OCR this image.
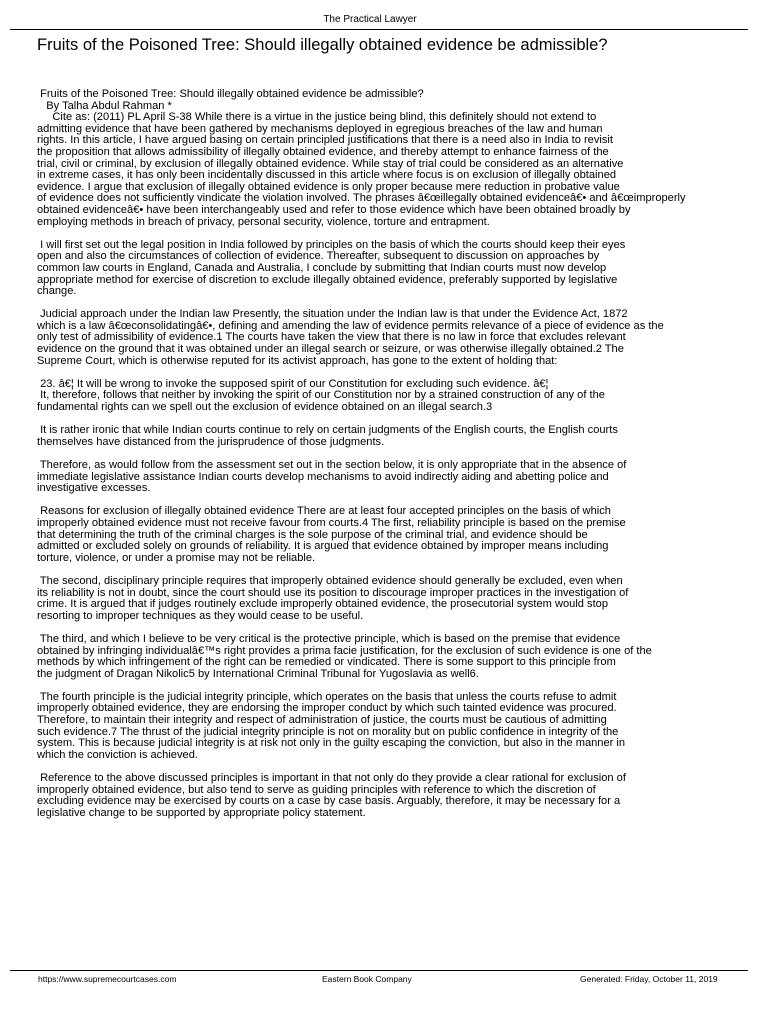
The Practical Lawyer
Fruits of the Poisoned Tree: Should illegally obtained evidence be admissible?
Fruits of the Poisoned Tree: Should illegally obtained evidence be admissible?
By Talha Abdul Rahman *
Cite as: (2011) PL April S-38 While there is a virtue in the justice being blind, this definitely should not extend to
admitting evidence that have been gathered by mechanisms deployed in egregious breaches of the law and human
rights. In this article, I have argued basing on certain principled justifications that there is a need also in India to revisit
the proposition that allows admissibility of illegally obtained evidence, and thereby attempt to enhance fairness of the
trial, civil or criminal, by exclusion of illegally obtained evidence. While stay of trial could be considered as an alternative
in extreme cases, it has only been incidentally discussed in this article where focus is on exclusion of illegally obtained
evidence. I argue that exclusion of illegally obtained evidence is only proper because mere reduction in probative value
of evidence does not sufficiently vindicate the violation involved. The phrases â€œillegally obtained evidenceâ€• and â€œimproperly
obtained evidenceâ€• have been interchangeably used and refer to those evidence which have been obtained broadly by
employing methods in breach of privacy, personal security, violence, torture and entrapment.
I will first set out the legal position in India followed by principles on the basis of which the courts should keep their eyes
open and also the circumstances of collection of evidence. Thereafter, subsequent to discussion on approaches by
common law courts in England, Canada and Australia, I conclude by submitting that Indian courts must now develop
appropriate method for exercise of discretion to exclude illegally obtained evidence, preferably supported by legislative
change.
Judicial approach under the Indian law Presently, the situation under the Indian law is that under the Evidence Act, 1872
which is a law â€œconsolidatingâ€•, defining and amending the law of evidence permits relevance of a piece of evidence as the
only test of admissibility of evidence.1 The courts have taken the view that there is no law in force that excludes relevant
evidence on the ground that it was obtained under an illegal search or seizure, or was otherwise illegally obtained.2 The
Supreme Court, which is otherwise reputed for its activist approach, has gone to the extent of holding that:
23. â€¦ It will be wrong to invoke the supposed spirit of our Constitution for excluding such evidence. â€¦
It, therefore, follows that neither by invoking the spirit of our Constitution nor by a strained construction of any of the
fundamental rights can we spell out the exclusion of evidence obtained on an illegal search.3
It is rather ironic that while Indian courts continue to rely on certain judgments of the English courts, the English courts
themselves have distanced from the jurisprudence of those judgments.
Therefore, as would follow from the assessment set out in the section below, it is only appropriate that in the absence of
immediate legislative assistance Indian courts develop mechanisms to avoid indirectly aiding and abetting police and
investigative excesses.
Reasons for exclusion of illegally obtained evidence There are at least four accepted principles on the basis of which
improperly obtained evidence must not receive favour from courts.4 The first, reliability principle is based on the premise
that determining the truth of the criminal charges is the sole purpose of the criminal trial, and evidence should be
admitted or excluded solely on grounds of reliability. It is argued that evidence obtained by improper means including
torture, violence, or under a promise may not be reliable.
The second, disciplinary principle requires that improperly obtained evidence should generally be excluded, even when
its reliability is not in doubt, since the court should use its position to discourage improper practices in the investigation of
crime. It is argued that if judges routinely exclude improperly obtained evidence, the prosecutorial system would stop
resorting to improper techniques as they would cease to be useful.
The third, and which I believe to be very critical is the protective principle, which is based on the premise that evidence
obtained by infringing individualâ€™s right provides a prima facie justification, for the exclusion of such evidence is one of the
methods by which infringement of the right can be remedied or vindicated. There is some support to this principle from
the judgment of Dragan Nikolic5 by International Criminal Tribunal for Yugoslavia as well6.
The fourth principle is the judicial integrity principle, which operates on the basis that unless the courts refuse to admit
improperly obtained evidence, they are endorsing the improper conduct by which such tainted evidence was procured.
Therefore, to maintain their integrity and respect of administration of justice, the courts must be cautious of admitting
such evidence.7 The thrust of the judicial integrity principle is not on morality but on public confidence in integrity of the
system. This is because judicial integrity is at risk not only in the guilty escaping the conviction, but also in the manner in
which the conviction is achieved.
Reference to the above discussed principles is important in that not only do they provide a clear rational for exclusion of
improperly obtained evidence, but also tend to serve as guiding principles with reference to which the discretion of
excluding evidence may be exercised by courts on a case by case basis. Arguably, therefore, it may be necessary for a
legislative change to be supported by appropriate policy statement.
https://www.supremecourtcases.com	Eastern Book Company	Generated: Friday, October 11, 2019
